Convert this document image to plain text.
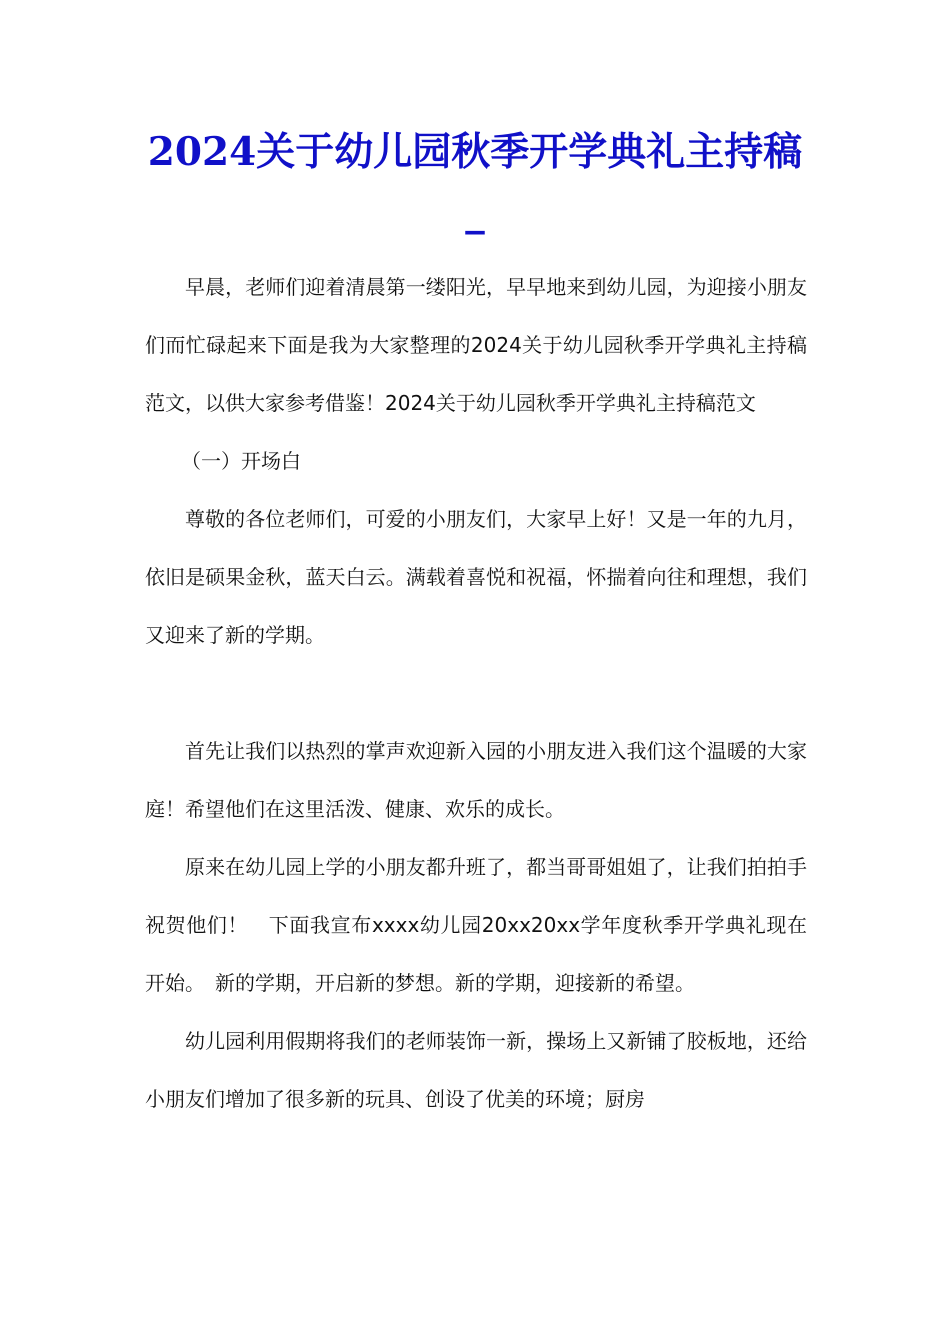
2024关于幼儿园秋季开学典礼主持稿_

早晨，老师们迎着清晨第一缕阳光，早早地来到幼儿园，为迎接小朋友们而忙碌起来下面是我为大家整理的2024关于幼儿园秋季开学典礼主持稿范文，以供大家参考借鉴！2024关于幼儿园秋季开学典礼主持稿范文

（一）开场白

尊敬的各位老师们，可爱的小朋友们，大家早上好！又是一年的九月，依旧是硕果金秋，蓝天白云。满载着喜悦和祝福，怀揣着向往和理想，我们又迎来了新的学期。

首先让我们以热烈的掌声欢迎新入园的小朋友进入我们这个温暖的大家庭！希望他们在这里活泼、健康、欢乐的成长。

原来在幼儿园上学的小朋友都升班了，都当哥哥姐姐了，让我们拍拍手祝贺他们！　下面我宣布xxxx幼儿园20xx20xx学年度秋季开学典礼现在开始。　新的学期，开启新的梦想。新的学期，迎接新的希望。

幼儿园利用假期将我们的老师装饰一新，操场上又新铺了胶板地，还给小朋友们增加了很多新的玩具、创设了优美的环境；厨房
